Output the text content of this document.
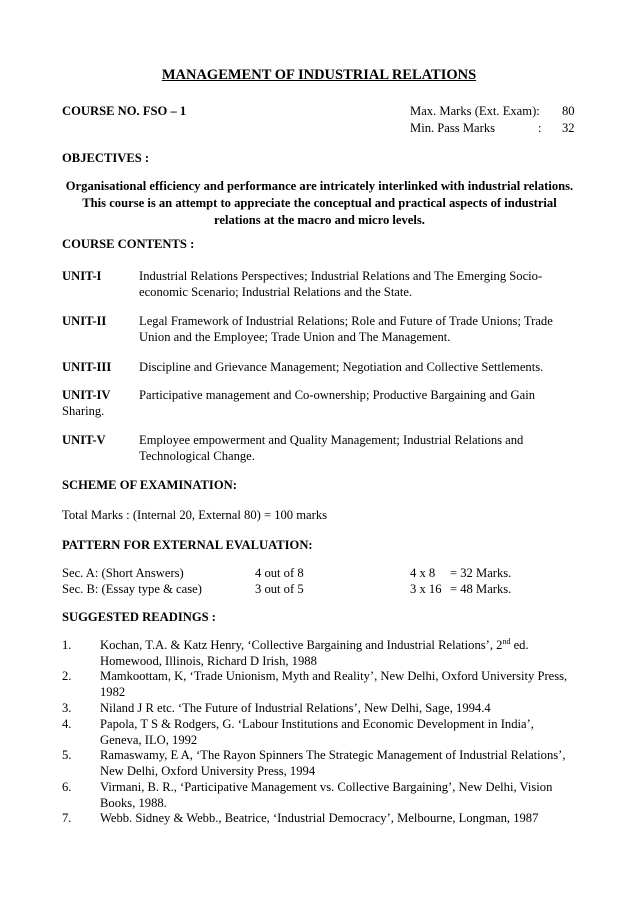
MANAGEMENT OF INDUSTRIAL RELATIONS
COURSE NO. FSO – 1	Max. Marks (Ext. Exam): 80
Min. Pass Marks	: 32
OBJECTIVES :
Organisational efficiency and performance are intricately interlinked with industrial relations. This course is an attempt to appreciate the conceptual and practical aspects of industrial relations at the macro and micro levels.
COURSE CONTENTS :
UNIT-I	Industrial Relations Perspectives; Industrial Relations and The Emerging Socio-economic Scenario; Industrial Relations and the State.
UNIT-II	Legal Framework of Industrial Relations; Role and Future of Trade Unions; Trade Union and the Employee; Trade Union and The Management.
UNIT-III Discipline and Grievance Management; Negotiation and Collective Settlements.
UNIT-IV Participative management and Co-ownership; Productive Bargaining and Gain
Sharing.
UNIT-V	Employee empowerment and Quality Management; Industrial Relations and Technological Change.
SCHEME OF EXAMINATION:
Total Marks : (Internal 20, External 80) = 100 marks
PATTERN FOR EXTERNAL EVALUATION:
Sec. A: (Short Answers)	4 out of 8	4 x 8 = 32 Marks.
Sec. B: (Essay type & case)	3 out of 5	3 x 16 = 48 Marks.
SUGGESTED READINGS :
1. Kochan, T.A. & Katz Henry, ‘Collective Bargaining and Industrial Relations’, 2nd ed.
Homewood, Illinois, Richard D Irish, 1988
2. Mamkoottam, K, ‘Trade Unionism, Myth and Reality’, New Delhi, Oxford University Press,
1982
3. Niland J R etc. ‘The Future of Industrial Relations’, New Delhi, Sage, 1994.4
4. Papola, T S & Rodgers, G. ‘Labour Institutions and Economic Development in India’,
Geneva, ILO, 1992
5. Ramaswamy, E A, ‘The Rayon Spinners The Strategic Management of Industrial Relations’,
New Delhi, Oxford University Press, 1994
6. Virmani, B. R., ‘Participative Management vs. Collective Bargaining’, New Delhi, Vision
Books, 1988.
7. Webb. Sidney & Webb., Beatrice, ‘Industrial Democracy’, Melbourne, Longman, 1987
